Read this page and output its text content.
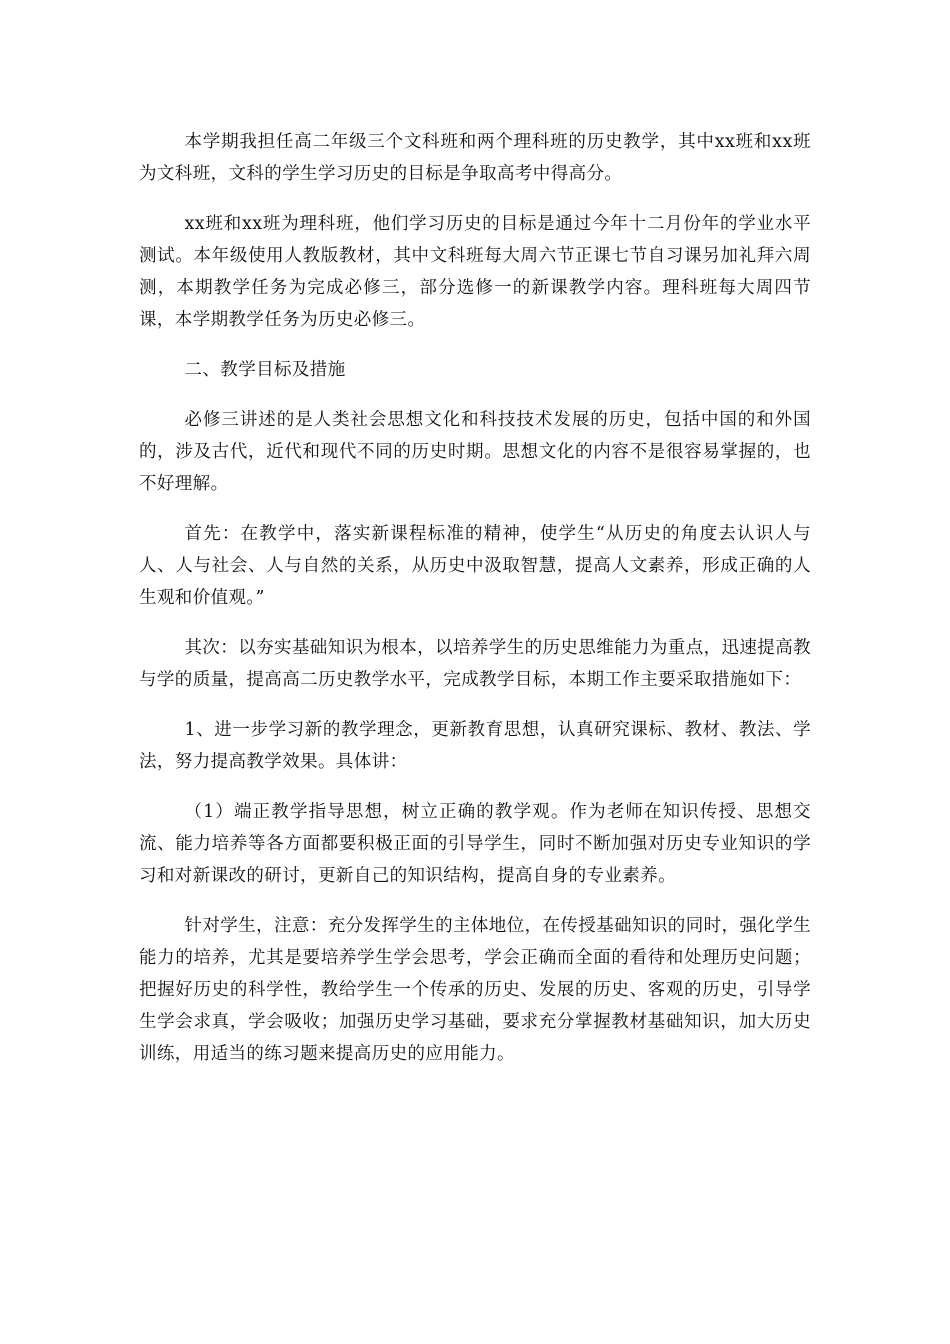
本学期我担任高二年级三个文科班和两个理科班的历史教学，其中xx班和xx班为文科班，文科的学生学习历史的目标是争取高考中得高分。

xx班和xx班为理科班，他们学习历史的目标是通过今年十二月份年的学业水平测试。本年级使用人教版教材，其中文科班每大周六节正课七节自习课另加礼拜六周测，本期教学任务为完成必修三，部分选修一的新课教学内容。理科班每大周四节课，本学期教学任务为历史必修三。

二、教学目标及措施

必修三讲述的是人类社会思想文化和科技技术发展的历史，包括中国的和外国的，涉及古代，近代和现代不同的历史时期。思想文化的内容不是很容易掌握的，也不好理解。

首先：在教学中，落实新课程标准的精神，使学生“从历史的角度去认识人与人、人与社会、人与自然的关系，从历史中汲取智慧，提高人文素养，形成正确的人生观和价值观。”

其次：以夯实基础知识为根本，以培养学生的历史思维能力为重点，迅速提高教与学的质量，提高高二历史教学水平，完成教学目标，本期工作主要采取措施如下：

1、进一步学习新的教学理念，更新教育思想，认真研究课标、教材、教法、学法，努力提高教学效果。具体讲：

（1）端正教学指导思想，树立正确的教学观。作为老师在知识传授、思想交流、能力培养等各方面都要积极正面的引导学生，同时不断加强对历史专业知识的学习和对新课改的研讨，更新自己的知识结构，提高自身的专业素养。

针对学生，注意：充分发挥学生的主体地位，在传授基础知识的同时，强化学生能力的培养，尤其是要培养学生学会思考，学会正确而全面的看待和处理历史问题；把握好历史的科学性，教给学生一个传承的历史、发展的历史、客观的历史，引导学生学会求真，学会吸收；加强历史学习基础，要求充分掌握教材基础知识，加大历史训练，用适当的练习题来提高历史的应用能力。
